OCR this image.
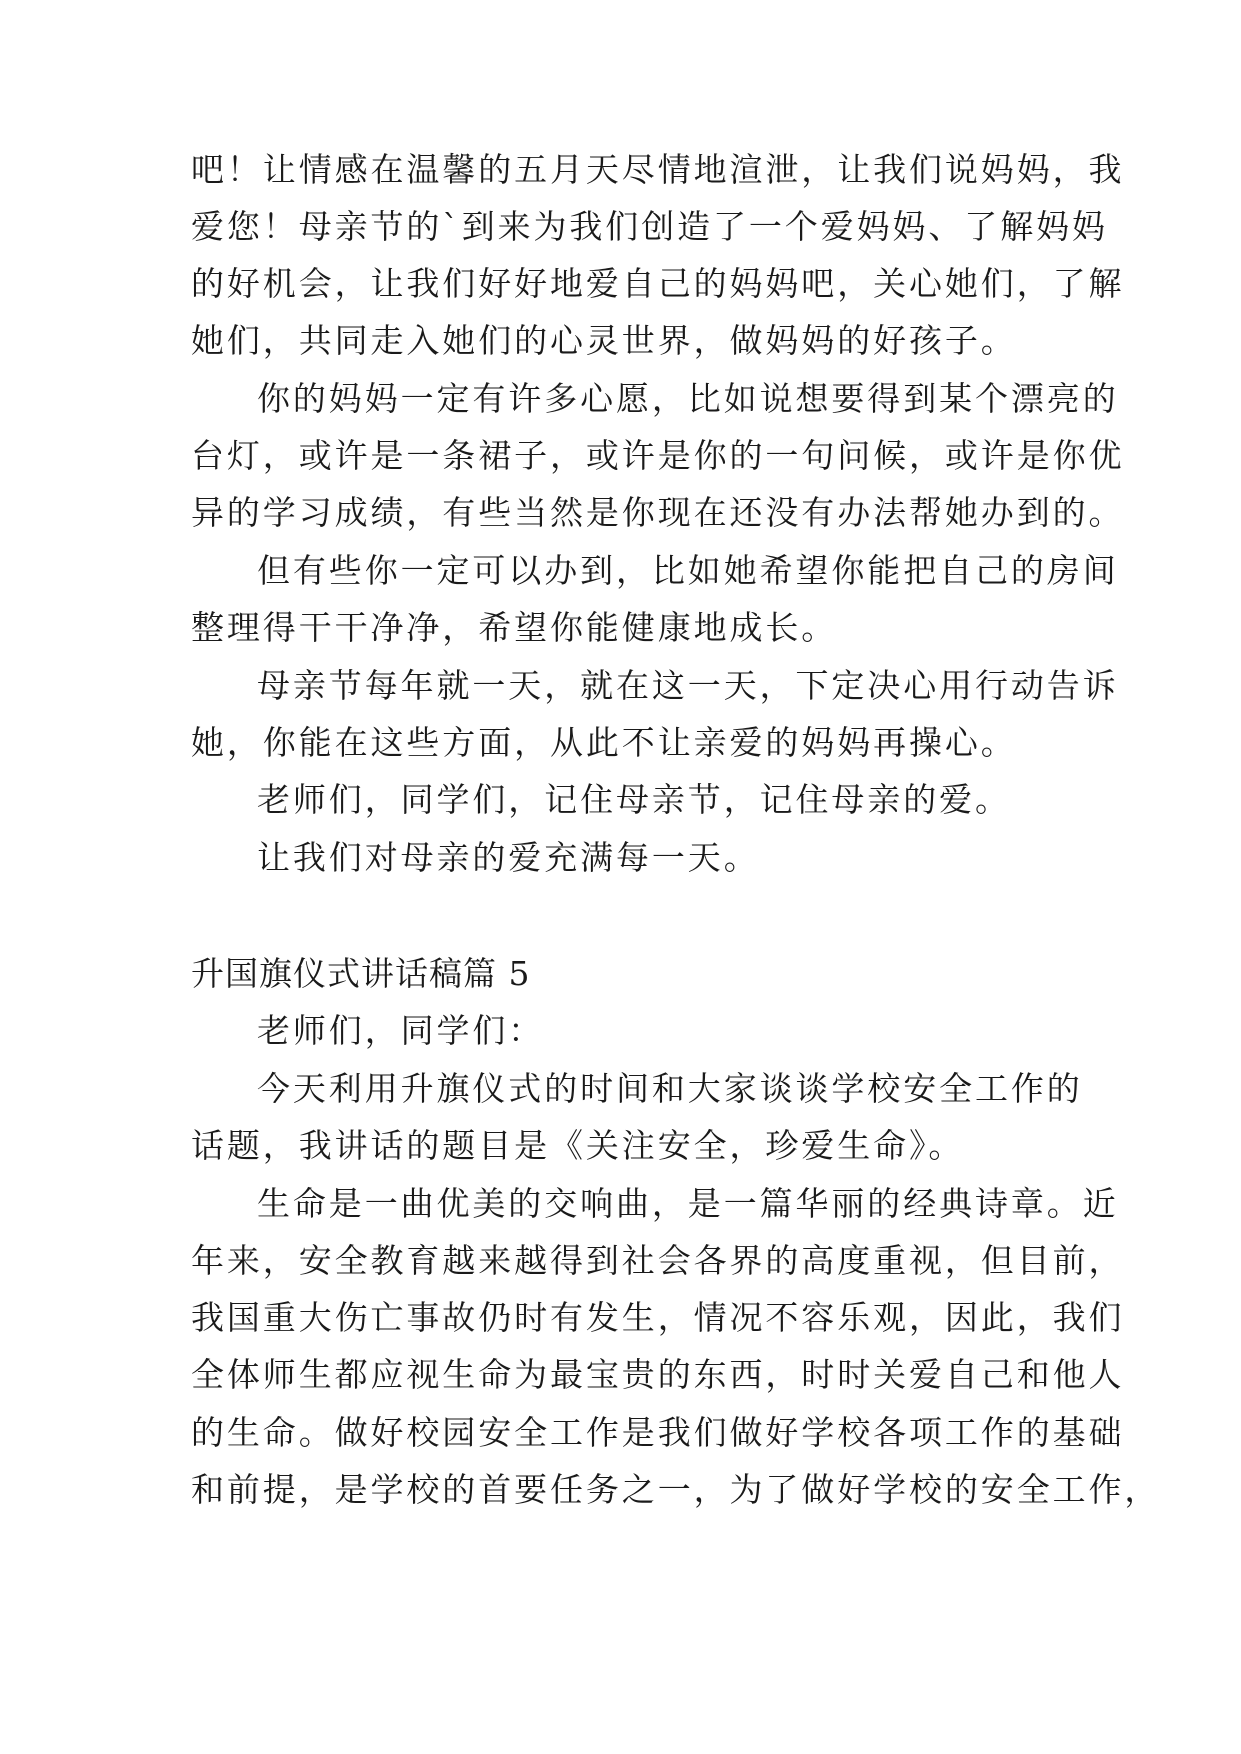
吧！让情感在温馨的五月天尽情地渲泄，让我们说妈妈，我
爱您！母亲节的`到来为我们创造了一个爱妈妈、了解妈妈
的好机会，让我们好好地爱自己的妈妈吧，关心她们，了解
她们，共同走入她们的心灵世界，做妈妈的好孩子。
你的妈妈一定有许多心愿，比如说想要得到某个漂亮的
台灯，或许是一条裙子，或许是你的一句问候，或许是你优
异的学习成绩，有些当然是你现在还没有办法帮她办到的。
但有些你一定可以办到，比如她希望你能把自己的房间
整理得干干净净，希望你能健康地成长。
母亲节每年就一天，就在这一天，下定决心用行动告诉
她，你能在这些方面，从此不让亲爱的妈妈再操心。
老师们，同学们，记住母亲节，记住母亲的爱。
让我们对母亲的爱充满每一天。
升国旗仪式讲话稿篇 5
老师们，同学们：
今天利用升旗仪式的时间和大家谈谈学校安全工作的
话题，我讲话的题目是《关注安全，珍爱生命》。
生命是一曲优美的交响曲，是一篇华丽的经典诗章。近
年来，安全教育越来越得到社会各界的高度重视，但目前，
我国重大伤亡事故仍时有发生，情况不容乐观，因此，我们
全体师生都应视生命为最宝贵的东西，时时关爱自己和他人
的生命。做好校园安全工作是我们做好学校各项工作的基础
和前提，是学校的首要任务之一，为了做好学校的安全工作，
